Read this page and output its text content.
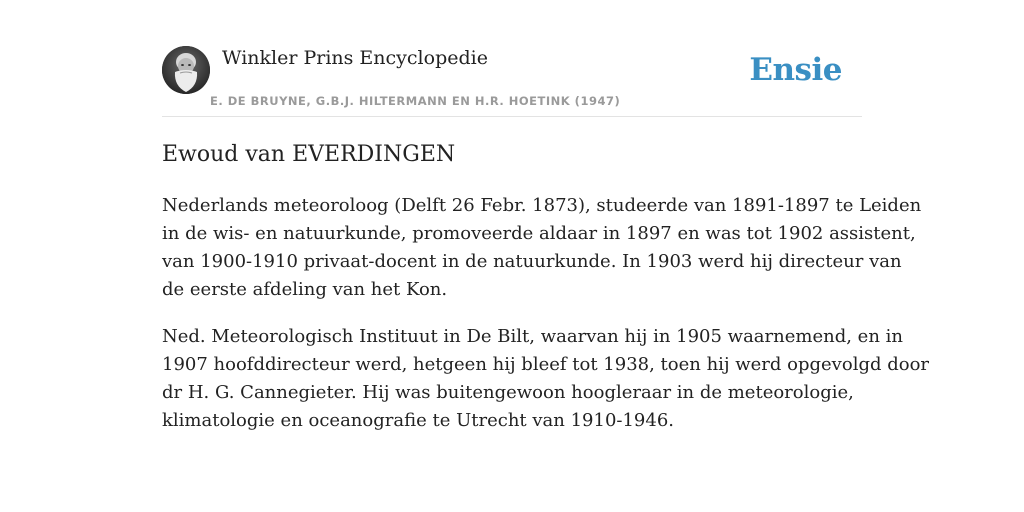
Winkler Prins Encyclopedie
E. DE BRUYNE, G.B.J. HILTERMANN EN H.R. HOETINK (1947)
Ensie
Ewoud van EVERDINGEN

Nederlands meteoroloog (Delft 26 Febr. 1873), studeerde van 1891-1897 te Leiden
in de wis- en natuurkunde, promoveerde aldaar in 1897 en was tot 1902 assistent,
van 1900-1910 privaat-docent in de natuurkunde. In 1903 werd hij directeur van
de eerste afdeling van het Kon.

Ned. Meteorologisch Instituut in De Bilt, waarvan hij in 1905 waarnemend, en in
1907 hoofddirecteur werd, hetgeen hij bleef tot 1938, toen hij werd opgevolgd door
dr H. G. Cannegieter. Hij was buitengewoon hoogleraar in de meteorologie,
klimatologie en oceanografie te Utrecht van 1910-1946.
